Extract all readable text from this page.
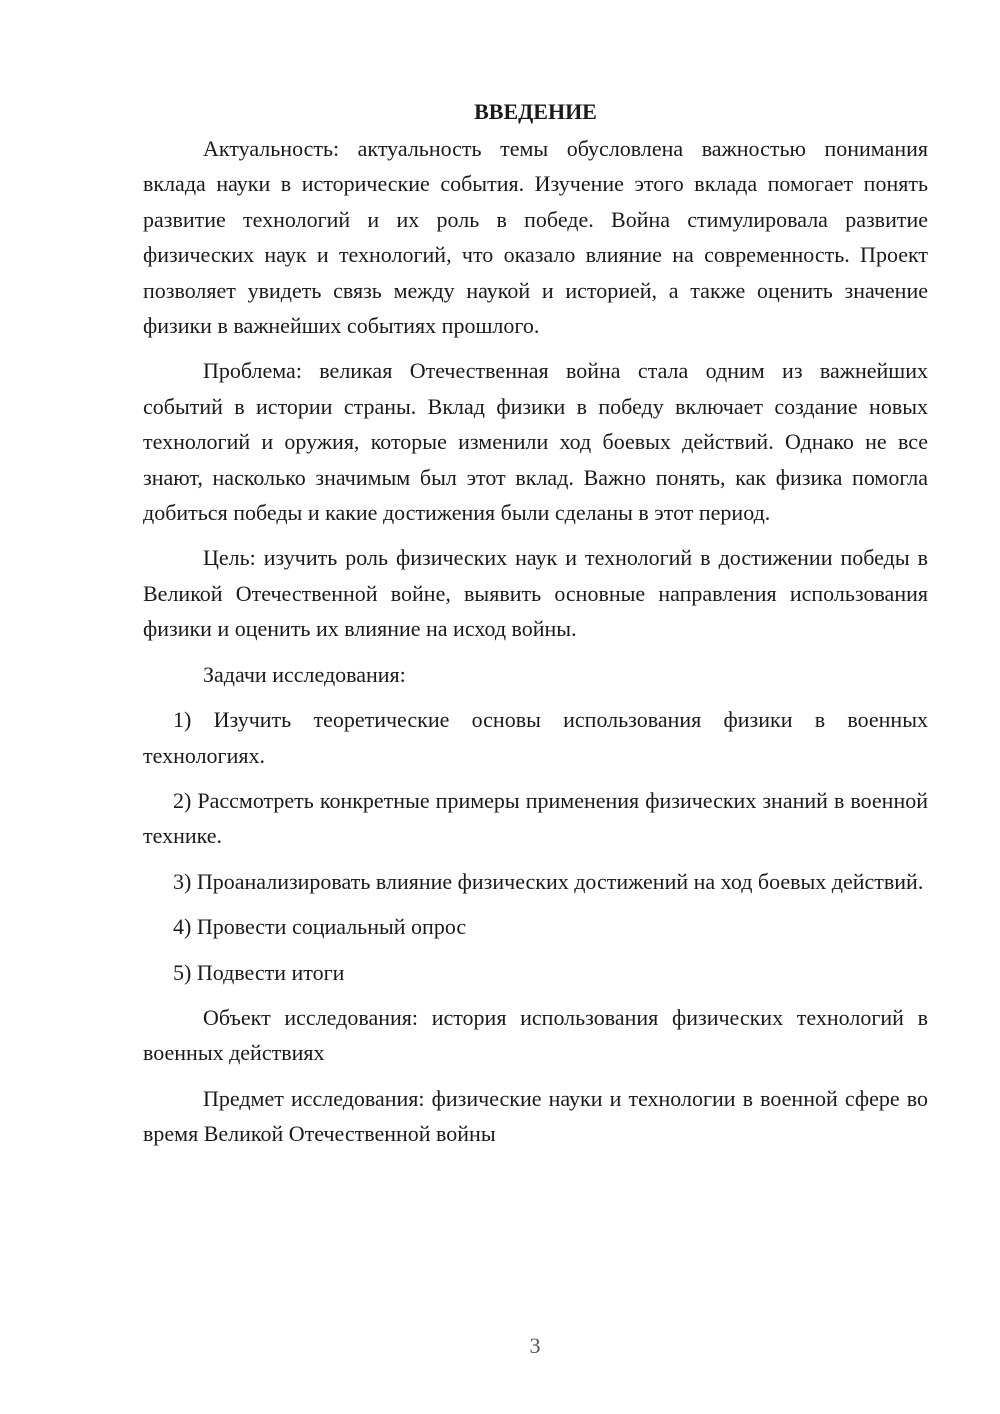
ВВЕДЕНИЕ

Актуальность: актуальность темы обусловлена важностью понимания вклада науки в исторические события. Изучение этого вклада помогает понять развитие технологий и их роль в победе. Война стимулировала развитие физических наук и технологий, что оказало влияние на современность. Проект позволяет увидеть связь между наукой и историей, а также оценить значение физики в важнейших событиях прошлого.

Проблема: великая Отечественная война стала одним из важнейших событий в истории страны. Вклад физики в победу включает создание новых технологий и оружия, которые изменили ход боевых действий. Однако не все знают, насколько значимым был этот вклад. Важно понять, как физика помогла добиться победы и какие достижения были сделаны в этот период.

Цель: изучить роль физических наук и технологий в достижении победы в Великой Отечественной войне, выявить основные направления использования физики и оценить их влияние на исход войны.

Задачи исследования:

1) Изучить теоретические основы использования физики в военных технологиях.

2) Рассмотреть конкретные примеры применения физических знаний в военной технике.

3) Проанализировать влияние физических достижений на ход боевых действий.

4) Провести социальный опрос

5) Подвести итоги

Объект исследования: история использования физических технологий в военных действиях

Предмет исследования: физические науки и технологии в военной сфере во время Великой Отечественной войны

3
